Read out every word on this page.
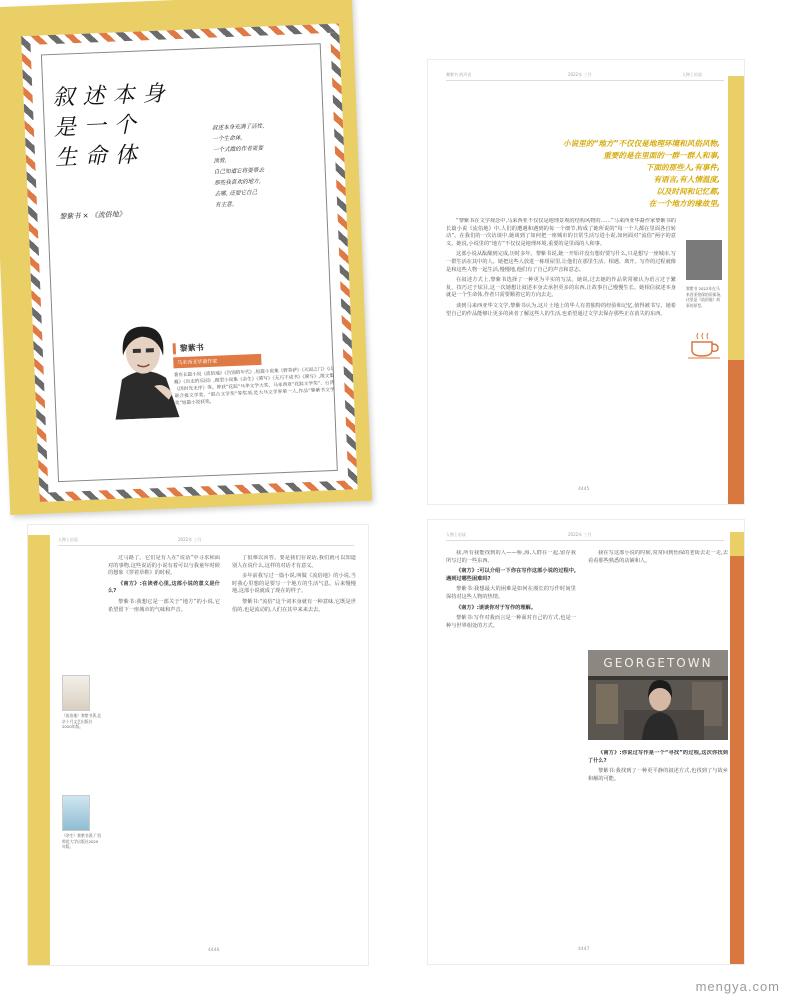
叙述本身
是一个
生命体
黎紫书 × 《流俗地》
叙述本身充满了活性,
一个生命体,
一个式微的作者需要
顶着,
自己知道它将要带去
那些我喜欢的地方,
去哪, 还要它自己
有主意。
黎紫书
马来西亚华裔作家
著有长篇小说《流俗地》《告别的年代》,短篇小说集《野菩萨》《天国之门》《山瘟》《出走的乐园》,微型小说集《余生》《简写》《无巧不成书》《简写》,散文集《因时光无序》等。曾获“花踪”马华文学大奖、马来西亚“花踪文学奖”、台湾联合报文学奖、“联合文学奖”等奖项,是大马文学界第一人,作品“黎紫书文学奖”短篇小说获奖。
黎紫书 的声音	2022年 三月	人物 | 访谈
小说里的“地方”不仅仅是地理环境和风俗风物,
重要的是在里面的一群一群人和事,
下面的那些人,有事件,
有语言,有人情温度,
以及时间和记忆都,
在一个地方的缘故里,

“黎紫书在文学观念中,马来西亚不仅仅是地理景观的结构风物的……”马来西亚华裔作家黎紫书的长篇小说《流俗地》中,人们的遭遇和遇到的每一个细节,构成了她所说的“每一个人都在里面各自转动”。在我们的一次访谈中,她谈到了如何把一座城市的日常生活写进小说,如何面对“流俗”两字的意义。她说,小说里的“地方”不仅仅是地理环境,重要的是里面的人和事。

这部小说从酝酿到完成,历时多年。黎紫书说,她一开始并没有想好要写什么,只是想写一座城市,写一群生活在其中的人。她把这些人放进一栋组屋里,让他们在那里生活、相遇、离开。写作的过程就像是和这些人物一起生活,慢慢地,他们有了自己的声音和意志。

在叙述方式上,黎紫书选择了一种更为平实的写法。她说,过去她的作品常常被认为语言过于繁复、技巧过于炫目,这一次她想让叙述本身去承担更多的东西,让故事自己慢慢生长。她相信叙述本身就是一个生命体,作者只需要顺着它的方向去走。

谈到马来西亚华文文学,黎紫书认为,这片土地上的华人有着独特的经验和记忆,值得被书写。她希望自己的作品能够让更多的读者了解这些人的生活,也希望通过文学去保存那些正在消失的东西。

黎紫书 2022年在马来西亚怡保的旧街场,这里是《流俗地》故事的原型。
4445
人物 | 访谈	2022年 三月
《流俗地》黎紫书著,北京十月文艺出版社2020年版。
《余生》黎紫书著,广西师范大学出版社2020年版。

过马路了。它们是有人在“说话”中寻求和面对的事物,这些说话的小说有着可以与我童年时候的想象《穿着草鞋》的时候。

《南方》:在读者心里,这部小说的意义是什么?

黎紫书:我想它是一部关于“地方”的小说,它希望留下一座城市的气味和声音。

了很难以回答。要是我们在说话,我们就可以知道别人在说什么,这样的对话才有意义。

多年前我写过一篇小说,叫做《流俗地》的小说,当时我心里想的是要写一个地方的生活气息。后来慢慢地,这部小说就成了现在的样子。

黎紫书:“流俗”这个词本身就有一种意味,它既是世俗的,也是流动的,人们在其中来来去去。

4446
人物 | 访谈	2022年 三月

我,所有我能找到的人——桥,海,人群在一起,留存我所写过的一些东西。

《南方》:可以介绍一下你在写作这部小说的过程中,遇到过哪些困难吗?

黎紫书:我想最大的困难是如何在漫长的写作时间里保持对这些人物的热情。

《南方》:谈谈你对于写作的理解。

黎紫书:写作对我而言是一种面对自己的方式,也是一种与世界相处的方式。

我在写这部小说的时候,常常回到怡保的老街去走一走,去看看那些熟悉的店铺和人。

GEORGETOWN

《南方》:你说过写作是一个“寻找”的过程,这次你找到了什么?

黎紫书:我找到了一种更平静的叙述方式,也找到了与故乡和解的可能。

4447
mengya.com
